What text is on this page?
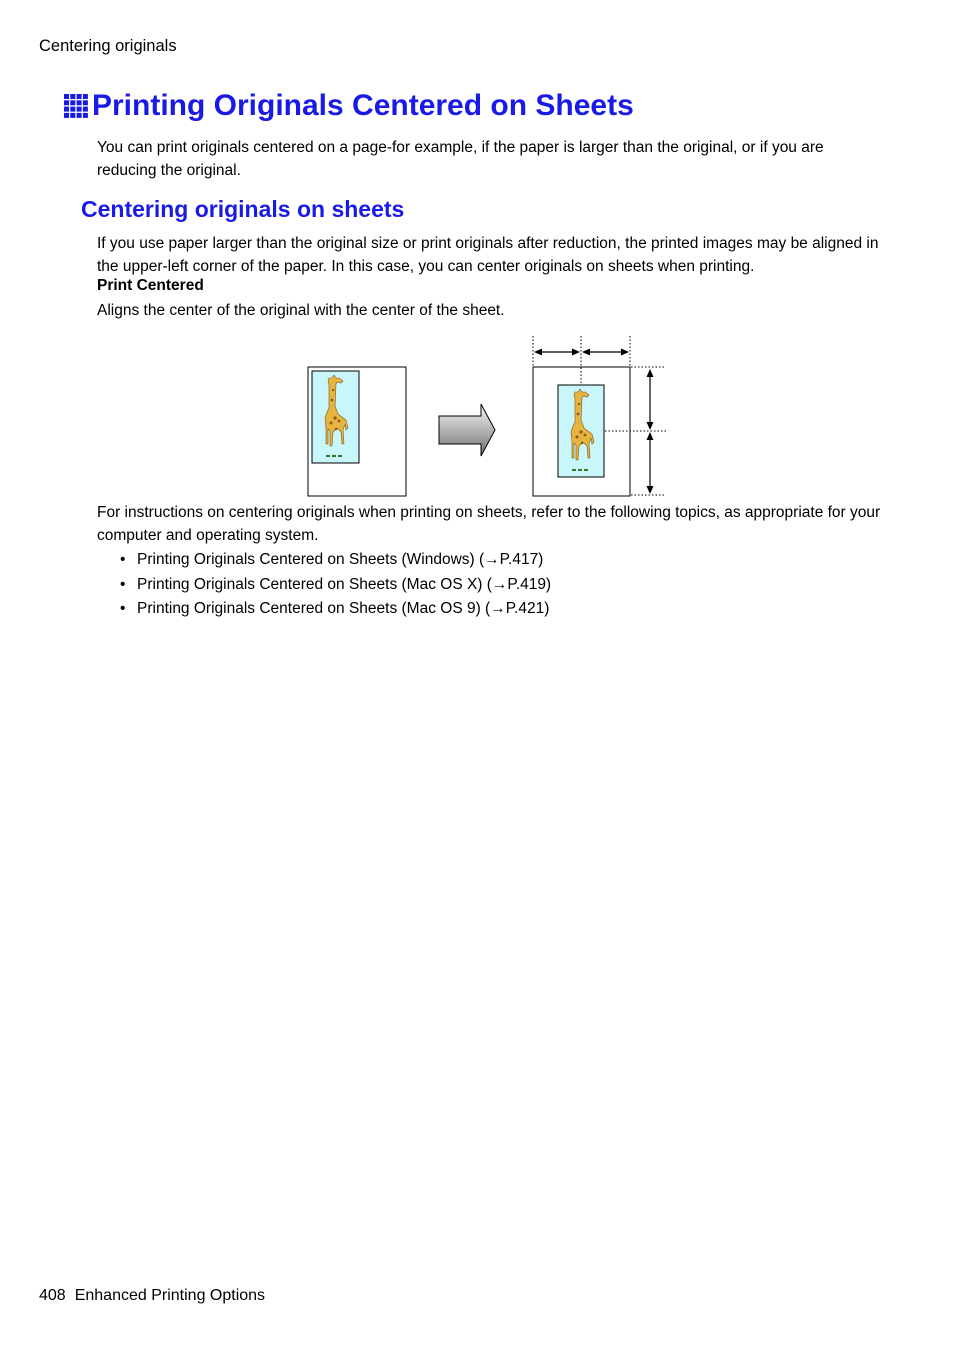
Centering originals
Printing Originals Centered on Sheets

You can print originals centered on a page-for example, if the paper is larger than the original, or if you are reducing the original.

Centering originals on sheets

If you use paper larger than the original size or print originals after reduction, the printed images may be aligned in the upper-left corner of the paper. In this case, you can center originals on sheets when printing.

Print Centered

Aligns the center of the original with the center of the sheet.

For instructions on centering originals when printing on sheets, refer to the following topics, as appropriate for your computer and operating system.

• Printing Originals Centered on Sheets (Windows) (→P.417)
• Printing Originals Centered on Sheets (Mac OS X) (→P.419)
• Printing Originals Centered on Sheets (Mac OS 9) (→P.421)
408 Enhanced Printing Options
